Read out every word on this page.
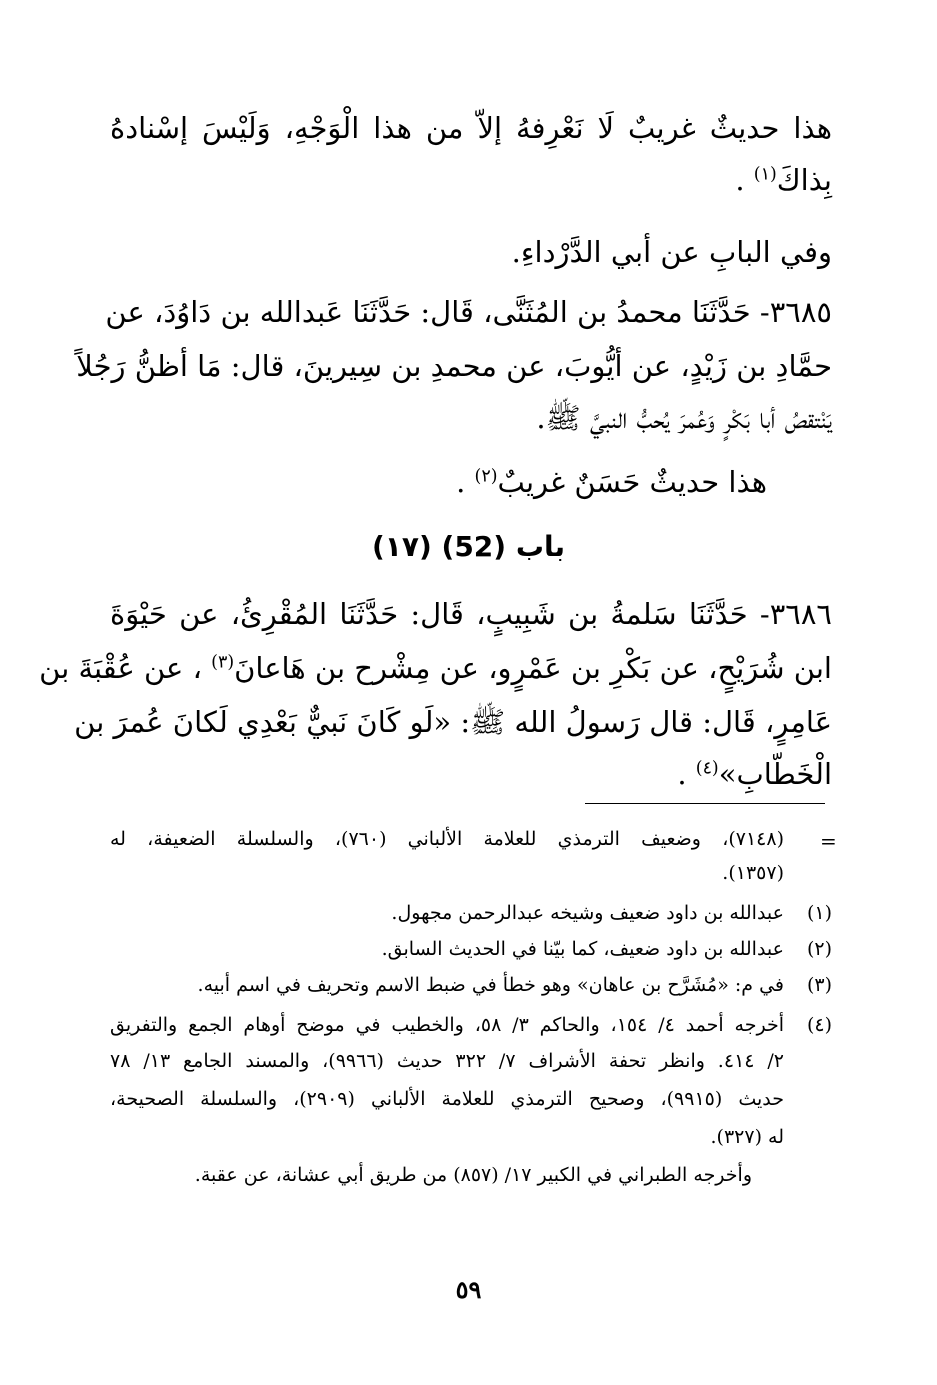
هذا حديثٌ غريبٌ لَا نَعْرِفهُ إلاّ من هذا الْوَجْهِ، وَلَيْسَ إسْنادهُ
بِذاكَ$^{(١)}$ .
وفي البابِ عن أبي الدَّرْداءِ.
٣٦٨٥- حَدَّثَنَا محمدُ بن المُثَنَّى، قَال: حَدَّثَنَا عَبدالله بن دَاوُدَ، عن
حمَّادِ بن زَيْدٍ، عن أيُّوبَ، عن محمدِ بن سِيرينَ، قال: مَا أظنُّ رَجُلاً
يَنْتقصُ أبا بَكْرٍ وَعُمرَ يُحبُّ النبيَّ ﷺ.
هذا حديثٌ حَسَنٌ غريبٌ$^{(٢)}$ .
باب (52) (١٧)
٣٦٨٦- حَدَّثَنَا سَلمةُ بن شَبِيبٍ، قَال: حَدَّثَنَا المُقْرِئُ، عن حَيْوَةَ
ابن شُرَيْحٍ، عن بَكْرِ بن عَمْرٍو، عن مِشْرح بن هَاعانَ$^{(٣)}$ ، عن عُقْبَةَ بن
عَامِرٍ، قَال: قال رَسولُ الله ﷺ: «لَو كَانَ نَبيٌّ بَعْدِي لَكانَ عُمرَ بن
الْخَطّابِ»$^{(٤)}$ .
=
(٧١٤٨)، وضعيف الترمذي للعلامة الألباني (٧٦٠)، والسلسلة الضعيفة، له
(١٣٥٧).
(١)عبدالله بن داود ضعيف وشيخه عبدالرحمن مجهول.
(٢)عبدالله بن داود ضعيف، كما بيّنا في الحديث السابق.
(٣)في م: «مُشَرَّح بن عاهان» وهو خطأ في ضبط الاسم وتحريف في اسم أبيه.
(٤)
أخرجه أحمد ٤/ ١٥٤، والحاكم ٣/ ٥٨، والخطيب في موضح أوهام الجمع والتفريق
٢/ ٤١٤. وانظر تحفة الأشراف ٧/ ٣٢٢ حديث (٩٩٦٦)، والمسند الجامع ١٣/ ٧٨
حديث (٩٩١٥)، وصحيح الترمذي للعلامة الألباني (٢٩٠٩)، والسلسلة الصحيحة،
له (٣٢٧).
وأخرجه الطبراني في الكبير ١٧/ (٨٥٧) من طريق أبي عشانة، عن عقبة.
٥٩
